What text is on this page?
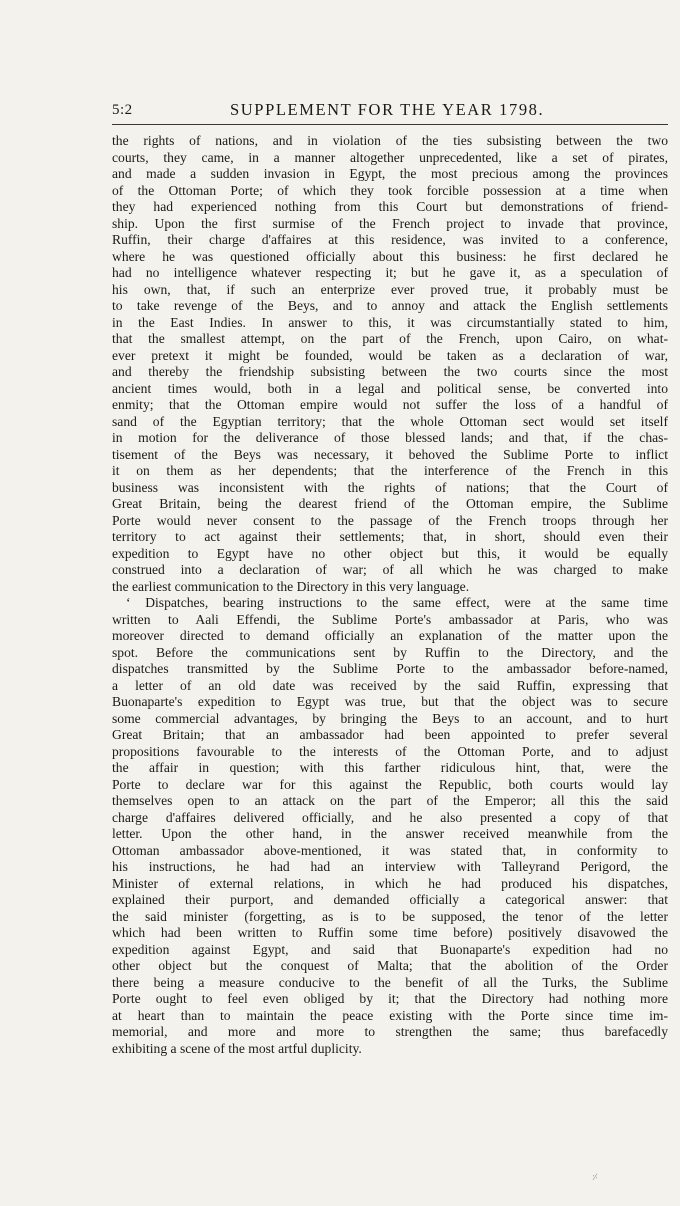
5:2	SUPPLEMENT FOR THE YEAR 1798.
the rights of nations, and in violation of the ties subsisting between the two
courts, they came, in a manner altogether unprecedented, like a set of pirates,
and made a sudden invasion in Egypt, the most precious among the provinces
of the Ottoman Porte; of which they took forcible possession at a time when
they had experienced nothing from this Court but demonstrations of friend-
ship. Upon the first surmise of the French project to invade that province,
Ruffin, their charge d'affaires at this residence, was invited to a conference,
where he was questioned officially about this business: he first declared he
had no intelligence whatever respecting it; but he gave it, as a speculation of
his own, that, if such an enterprize ever proved true, it probably must be
to take revenge of the Beys, and to annoy and attack the English settlements
in the East Indies. In answer to this, it was circumstantially stated to him,
that the smallest attempt, on the part of the French, upon Cairo, on what-
ever pretext it might be founded, would be taken as a declaration of war,
and thereby the friendship subsisting between the two courts since the most
ancient times would, both in a legal and political sense, be converted into
enmity; that the Ottoman empire would not suffer the loss of a handful of
sand of the Egyptian territory; that the whole Ottoman sect would set itself
in motion for the deliverance of those blessed lands; and that, if the chas-
tisement of the Beys was necessary, it behoved the Sublime Porte to inflict
it on them as her dependents; that the interference of the French in this
business was inconsistent with the rights of nations; that the Court of
Great Britain, being the dearest friend of the Ottoman empire, the Sublime
Porte would never consent to the passage of the French troops through her
territory to act against their settlements; that, in short, should even their
expedition to Egypt have no other object but this, it would be equally
construed into a declaration of war; of all which he was charged to make
the earliest communication to the Directory in this very language.
‘ Dispatches, bearing instructions to the same effect, were at the same time
written to Aali Effendi, the Sublime Porte's ambassador at Paris, who was
moreover directed to demand officially an explanation of the matter upon the
spot. Before the communications sent by Ruffin to the Directory, and the
dispatches transmitted by the Sublime Porte to the ambassador before-named,
a letter of an old date was received by the said Ruffin, expressing that
Buonaparte's expedition to Egypt was true, but that the object was to secure
some commercial advantages, by bringing the Beys to an account, and to hurt
Great Britain; that an ambassador had been appointed to prefer several
propositions favourable to the interests of the Ottoman Porte, and to adjust
the affair in question; with this farther ridiculous hint, that, were the
Porte to declare war for this against the Republic, both courts would lay
themselves open to an attack on the part of the Emperor; all this the said
charge d'affaires delivered officially, and he also presented a copy of that
letter. Upon the other hand, in the answer received meanwhile from the
Ottoman ambassador above-mentioned, it was stated that, in conformity to
his instructions, he had had an interview with Talleyrand Perigord, the
Minister of external relations, in which he had produced his dispatches,
explained their purport, and demanded officially a categorical answer: that
the said minister (forgetting, as is to be supposed, the tenor of the letter
which had been written to Ruffin some time before) positively disavowed the
expedition against Egypt, and said that Buonaparte's expedition had no
other object but the conquest of Malta; that the abolition of the Order
there being a measure conducive to the benefit of all the Turks, the Sublime
Porte ought to feel even obliged by it; that the Directory had nothing more
at heart than to maintain the peace existing with the Porte since time im-
memorial, and more and more to strengthen the same; thus barefacedly
exhibiting a scene of the most artful duplicity.
⸓
